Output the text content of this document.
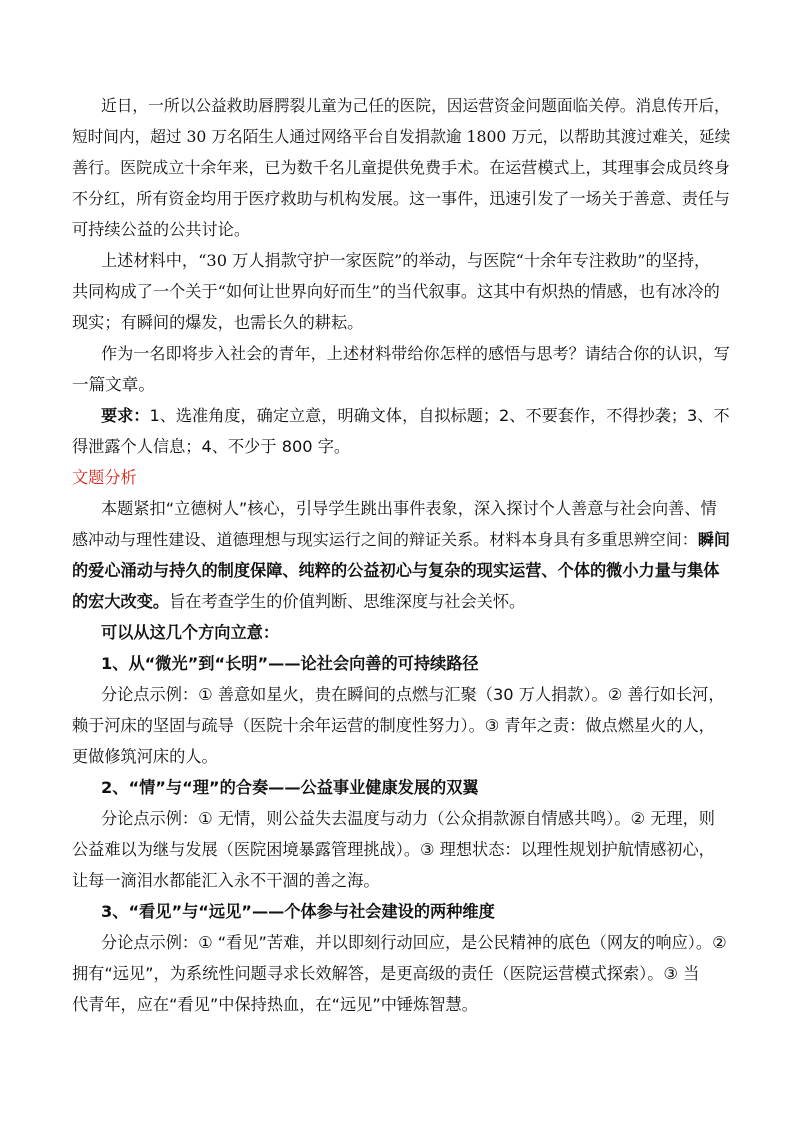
近日，一所以公益救助唇腭裂儿童为己任的医院，因运营资金问题面临关停。消息传开后，
短时间内，超过 30 万名陌生人通过网络平台自发捐款逾 1800 万元，以帮助其渡过难关，延续
善行。医院成立十余年来，已为数千名儿童提供免费手术。在运营模式上，其理事会成员终身
不分红，所有资金均用于医疗救助与机构发展。这一事件，迅速引发了一场关于善意、责任与
可持续公益的公共讨论。
上述材料中，“30 万人捐款守护一家医院”的举动，与医院“十余年专注救助”的坚持，
共同构成了一个关于“如何让世界向好而生”的当代叙事。这其中有炽热的情感，也有冰冷的
现实；有瞬间的爆发，也需长久的耕耘。
作为一名即将步入社会的青年，上述材料带给你怎样的感悟与思考？请结合你的认识，写
一篇文章。
要求：1、选准角度，确定立意，明确文体，自拟标题；2、不要套作，不得抄袭；3、不
得泄露个人信息；4、不少于 800 字。
文题分析
本题紧扣“立德树人”核心，引导学生跳出事件表象，深入探讨个人善意与社会向善、情
感冲动与理性建设、道德理想与现实运行之间的辩证关系。材料本身具有多重思辨空间：瞬间
的爱心涌动与持久的制度保障、纯粹的公益初心与复杂的现实运营、个体的微小力量与集体
的宏大改变。旨在考查学生的价值判断、思维深度与社会关怀。
可以从这几个方向立意：
1、从“微光”到“长明”——论社会向善的可持续路径
分论点示例：① 善意如星火，贵在瞬间的点燃与汇聚（30 万人捐款）。② 善行如长河，
赖于河床的坚固与疏导（医院十余年运营的制度性努力）。③ 青年之责：做点燃星火的人，
更做修筑河床的人。
2、“情”与“理”的合奏——公益事业健康发展的双翼
分论点示例：① 无情，则公益失去温度与动力（公众捐款源自情感共鸣）。② 无理，则
公益难以为继与发展（医院困境暴露管理挑战）。③ 理想状态：以理性规划护航情感初心，
让每一滴泪水都能汇入永不干涸的善之海。
3、“看见”与“远见”——个体参与社会建设的两种维度
分论点示例：① “看见”苦难，并以即刻行动回应，是公民精神的底色（网友的响应）。②
拥有“远见”，为系统性问题寻求长效解答，是更高级的责任（医院运营模式探索）。③ 当
代青年，应在“看见”中保持热血，在“远见”中锤炼智慧。
